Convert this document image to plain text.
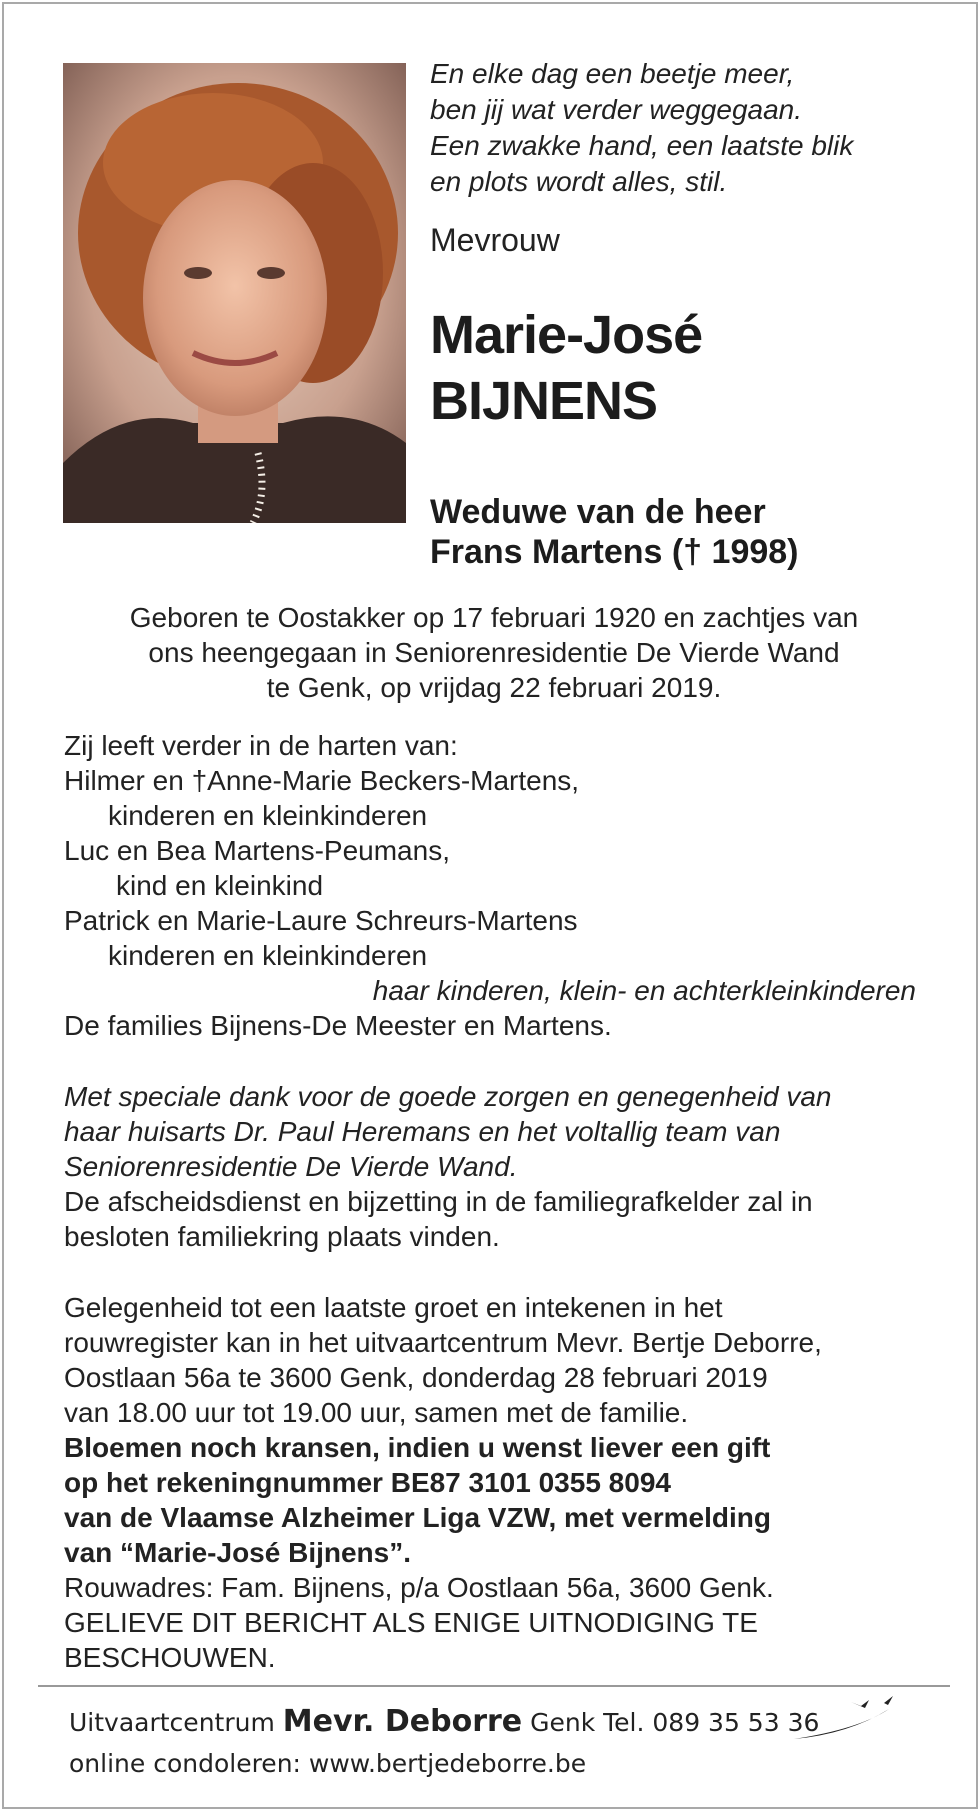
En elke dag een beetje meer,
ben jij wat verder weggegaan.
Een zwakke hand, een laatste blik
en plots wordt alles, stil.
Mevrouw
Marie-José
BIJNENS
Weduwe van de heer
Frans Martens († 1998)
Geboren te Oostakker op 17 februari 1920 en zachtjes van
ons heengegaan in Seniorenresidentie De Vierde Wand
te Genk, op vrijdag 22 februari 2019.
Zij leeft verder in de harten van:
Hilmer en †Anne-Marie Beckers-Martens,
kinderen en kleinkinderen
Luc en Bea Martens-Peumans,
kind en kleinkind
Patrick en Marie-Laure Schreurs-Martens
kinderen en kleinkinderen
haar kinderen, klein- en achterkleinkinderen
De families Bijnens-De Meester en Martens.
Met speciale dank voor de goede zorgen en genegenheid van
haar huisarts Dr. Paul Heremans en het voltallig team van
Seniorenresidentie De Vierde Wand.
De afscheidsdienst en bijzetting in de familiegrafkelder zal in
besloten familiekring plaats vinden.
Gelegenheid tot een laatste groet en intekenen in het
rouwregister kan in het uitvaartcentrum Mevr. Bertje Deborre,
Oostlaan 56a te 3600 Genk, donderdag 28 februari 2019
van 18.00 uur tot 19.00 uur, samen met de familie.
Bloemen noch kransen, indien u wenst liever een gift
op het rekeningnummer BE87 3101 0355 8094
van de Vlaamse Alzheimer Liga VZW, met vermelding
van “Marie-José Bijnens”.
Rouwadres: Fam. Bijnens, p/a Oostlaan 56a, 3600 Genk.
GELIEVE DIT BERICHT ALS ENIGE UITNODIGING TE
BESCHOUWEN.
Uitvaartcentrum Mevr. Deborre Genk Tel. 089 35 53 36
online condoleren: www.bertjedeborre.be
